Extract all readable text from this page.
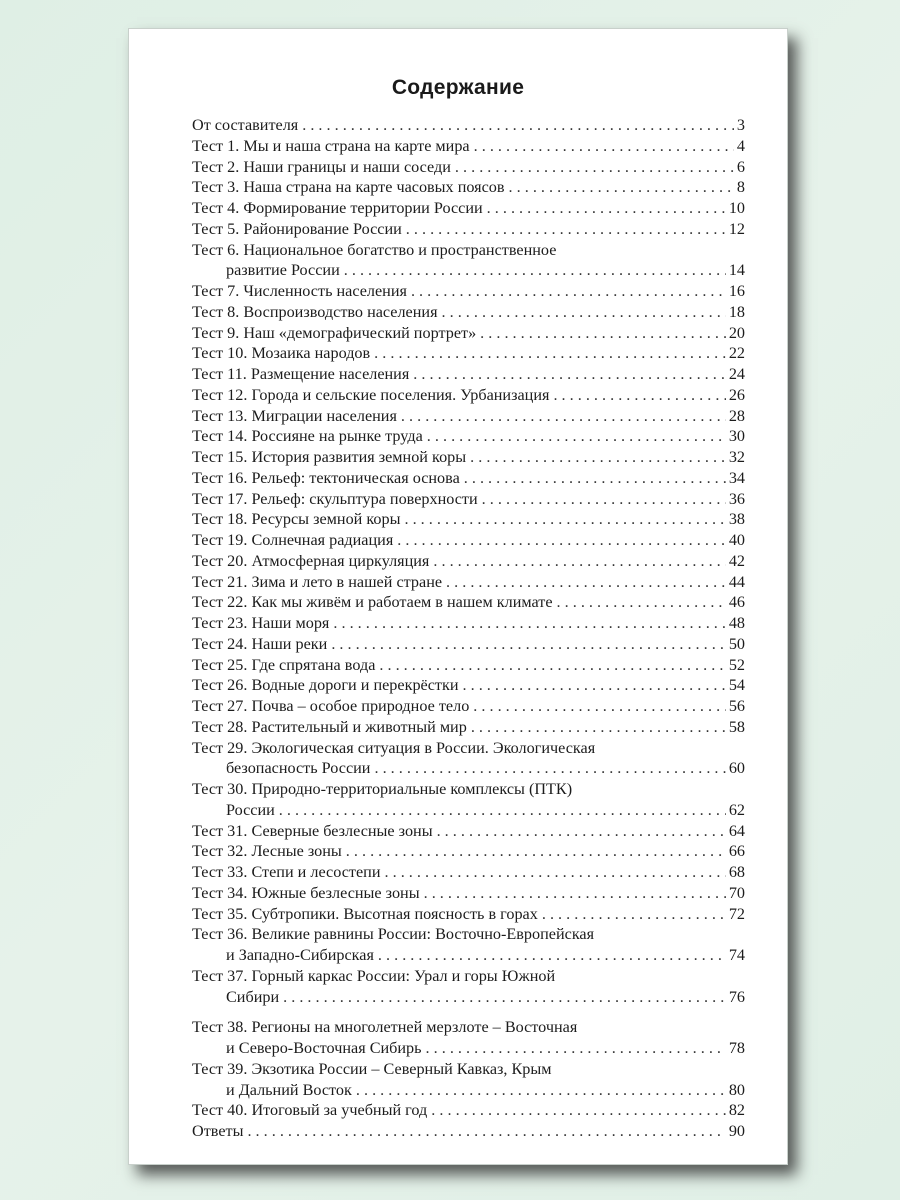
Содержание
От составителя . . .	3
Тест 1. Мы и наша страна на карте мира . . .	4
Тест 2. Наши границы и наши соседи . . .	6
Тест 3. Наша страна на карте часовых поясов . . .	8
Тест 4. Формирование территории России . . .	10
Тест 5. Районирование России . . .	12
Тест 6. Национальное богатство и пространственное
развитие России . . .	14
Тест 7. Численность населения . . .	16
Тест 8. Воспроизводство населения . . .	18
Тест 9. Наш «демографический портрет» . . .	20
Тест 10. Мозаика народов . . .	22
Тест 11. Размещение населения . . .	24
Тест 12. Города и сельские поселения. Урбанизация . . .	26
Тест 13. Миграции населения . . .	28
Тест 14. Россияне на рынке труда . . .	30
Тест 15. История развития земной коры . . .	32
Тест 16. Рельеф: тектоническая основа . . .	34
Тест 17. Рельеф: скульптура поверхности . . .	36
Тест 18. Ресурсы земной коры . . .	38
Тест 19. Солнечная радиация . . .	40
Тест 20. Атмосферная циркуляция . . .	42
Тест 21. Зима и лето в нашей стране . . .	44
Тест 22. Как мы живём и работаем в нашем климате . . .	46
Тест 23. Наши моря . . .	48
Тест 24. Наши реки . . .	50
Тест 25. Где спрятана вода . . .	52
Тест 26. Водные дороги и перекрёстки . . .	54
Тест 27. Почва – особое природное тело . . .	56
Тест 28. Растительный и животный мир . . .	58
Тест 29. Экологическая ситуация в России. Экологическая
безопасность России . . .	60
Тест 30. Природно-территориальные комплексы (ПТК)
России . . .	62
Тест 31. Северные безлесные зоны . . .	64
Тест 32. Лесные зоны . . .	66
Тест 33. Степи и лесостепи . . .	68
Тест 34. Южные безлесные зоны . . .	70
Тест 35. Субтропики. Высотная поясность в горах . . .	72
Тест 36. Великие равнины России: Восточно-Европейская
и Западно-Сибирская . . .	74
Тест 37. Горный каркас России: Урал и горы Южной
Сибири . . .	76
Тест 38. Регионы на многолетней мерзлоте – Восточная
и Северо-Восточная Сибирь . . .	78
Тест 39. Экзотика России – Северный Кавказ, Крым
и Дальний Восток . . .	80
Тест 40. Итоговый за учебный год . . .	82
Ответы . . .	90
